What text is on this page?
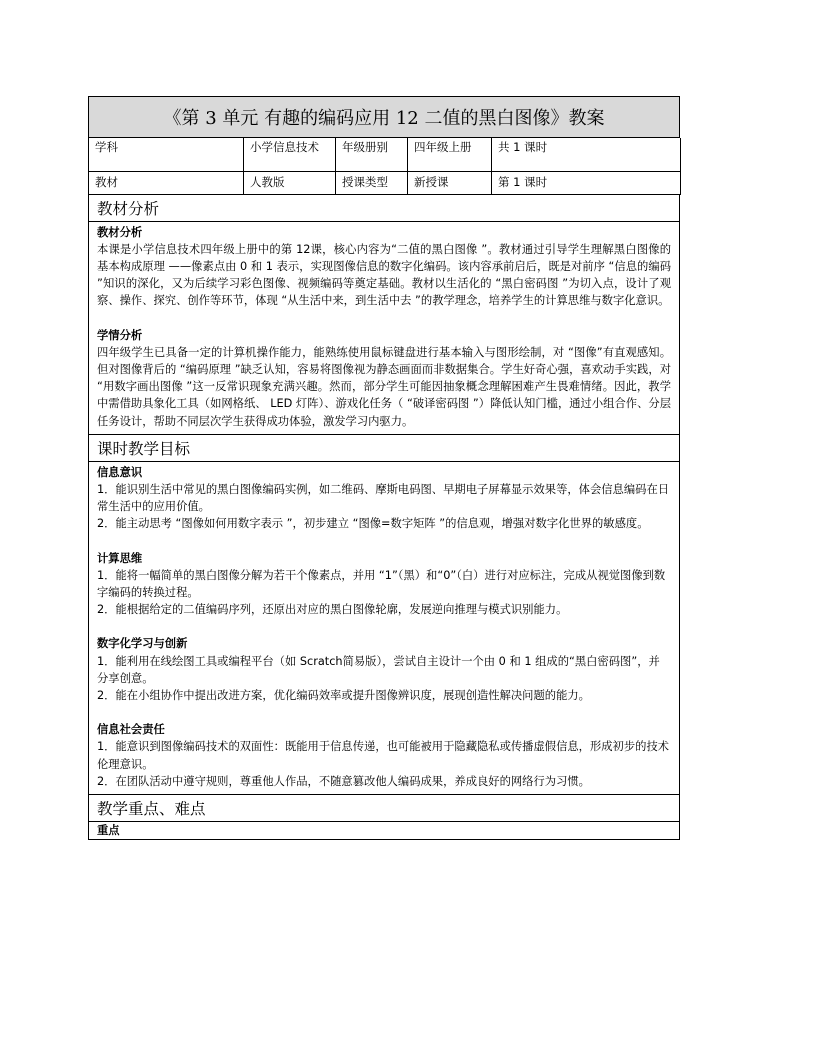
《第 3 单元 有趣的编码应用 12 二值的黑白图像》教案
学科	小学信息技术	年级册别	四年级上册	共 1 课时
教材	人教版	授课类型	新授课	第 1 课时
教材分析
教材分析
本课是小学信息技术四年级上册中的第 12课，核心内容为“二值的黑白图像 ”。教材通过引导学生理解黑白图像的基本构成原理 ——像素点由 0 和 1 表示，实现图像信息的数字化编码。该内容承前启后，既是对前序 “信息的编码 ”知识的深化，又为后续学习彩色图像、视频编码等奠定基础。教材以生活化的 “黑白密码图 ”为切入点，设计了观察、操作、探究、创作等环节，体现 “从生活中来，到生活中去 ”的教学理念，培养学生的计算思维与数字化意识。
学情分析
四年级学生已具备一定的计算机操作能力，能熟练使用鼠标键盘进行基本输入与图形绘制，对 “图像”有直观感知。但对图像背后的 “编码原理 ”缺乏认知，容易将图像视为静态画面而非数据集合。学生好奇心强，喜欢动手实践，对 “用数字画出图像 ”这一反常识现象充满兴趣。然而，部分学生可能因抽象概念理解困难产生畏难情绪。因此，教学中需借助具象化工具（如网格纸、 LED 灯阵）、游戏化任务（ “破译密码图 ”）降低认知门槛，通过小组合作、分层任务设计，帮助不同层次学生获得成功体验，激发学习内驱力。
课时教学目标
信息意识
1．能识别生活中常见的黑白图像编码实例，如二维码、摩斯电码图、早期电子屏幕显示效果等，体会信息编码在日常生活中的应用价值。
2．能主动思考 “图像如何用数字表示 ”，初步建立 “图像=数字矩阵 ”的信息观，增强对数字化世界的敏感度。
计算思维
1．能将一幅简单的黑白图像分解为若干个像素点，并用 “1”（黑）和“0”（白）进行对应标注，完成从视觉图像到数字编码的转换过程。
2．能根据给定的二值编码序列，还原出对应的黑白图像轮廓，发展逆向推理与模式识别能力。
数字化学习与创新
1．能利用在线绘图工具或编程平台（如 Scratch简易版），尝试自主设计一个由 0 和 1 组成的“黑白密码图”，并分享创意。
2．能在小组协作中提出改进方案，优化编码效率或提升图像辨识度，展现创造性解决问题的能力。
信息社会责任
1．能意识到图像编码技术的双面性：既能用于信息传递，也可能被用于隐藏隐私或传播虚假信息，形成初步的技术伦理意识。
2．在团队活动中遵守规则，尊重他人作品，不随意篡改他人编码成果，养成良好的网络行为习惯。
教学重点、难点
重点
